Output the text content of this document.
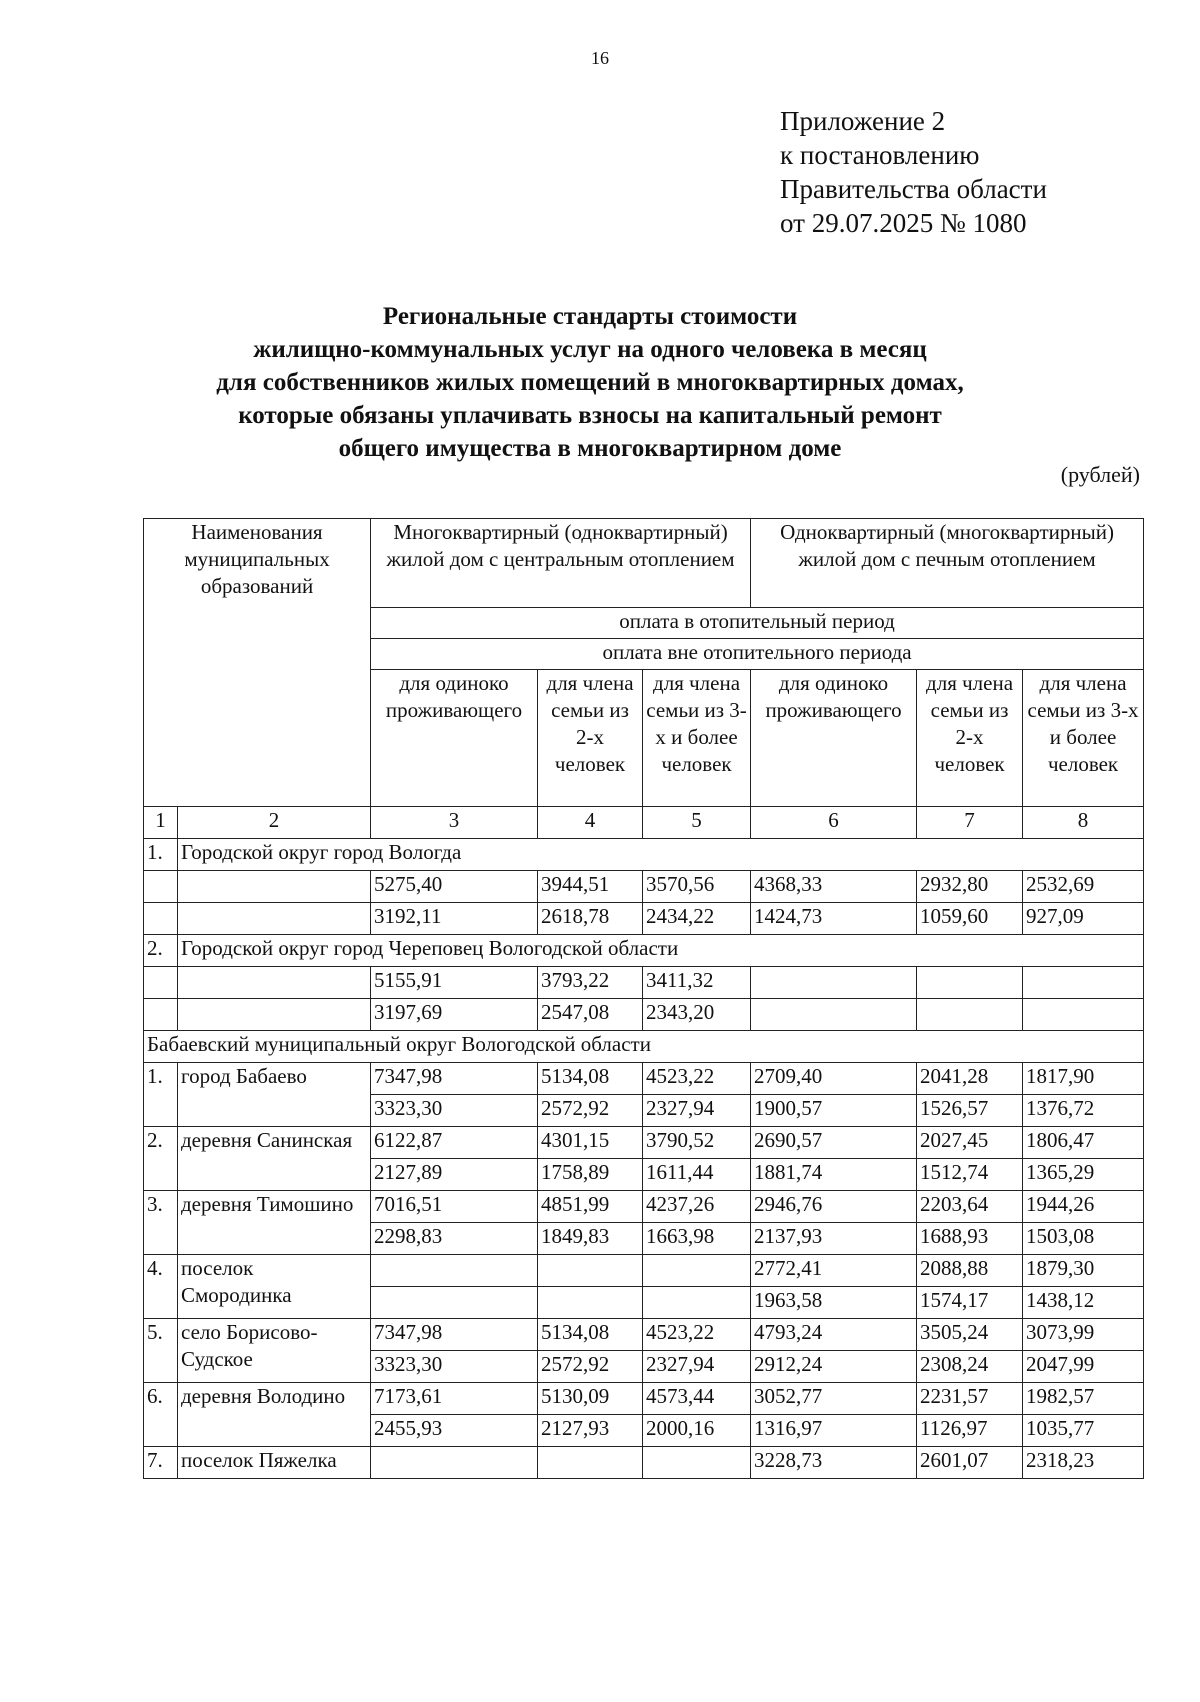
16
Приложение 2
к постановлению
Правительства области
от 29.07.2025 № 1080
Региональные стандарты стоимости
жилищно-коммунальных услуг на одного человека в месяц
для собственников жилых помещений в многоквартирных домах,
которые обязаны уплачивать взносы на капитальный ремонт
общего имущества в многоквартирном доме
(рублей)
Наименования муниципальных образований		Многоквартирный (одноквартирный) жилой дом с центральным отоплением			Одноквартирный (многоквартирный) жилой дом с печным отоплением		
		оплата в отопительный период					
		оплата вне отопительного периода					
		для одиноко проживающего	для члена семьи из 2-х человек	для члена семьи из 3-х и более человек	для одиноко проживающего	для члена семьи из 2-х человек	для члена семьи из 3-х и более человек
1	2	3	4	5	6	7	8
1.	Городской округ город Вологда						
		5275,40	3944,51	3570,56	4368,33	2932,80	2532,69
		3192,11	2618,78	2434,22	1424,73	1059,60	927,09
2.	Городской округ город Череповец Вологодской области						
		5155,91	3793,22	3411,32			
		3197,69	2547,08	2343,20			
Бабаевский муниципальный округ Вологодской области							
1.	город Бабаево	7347,98	5134,08	4523,22	2709,40	2041,28	1817,90
		3323,30	2572,92	2327,94	1900,57	1526,57	1376,72
2.	деревня Санинская	6122,87	4301,15	3790,52	2690,57	2027,45	1806,47
		2127,89	1758,89	1611,44	1881,74	1512,74	1365,29
3.	деревня Тимошино	7016,51	4851,99	4237,26	2946,76	2203,64	1944,26
		2298,83	1849,83	1663,98	2137,93	1688,93	1503,08
4.	поселок Смородинка				2772,41	2088,88	1879,30
					1963,58	1574,17	1438,12
5.	село Борисово-Судское	7347,98	5134,08	4523,22	4793,24	3505,24	3073,99
		3323,30	2572,92	2327,94	2912,24	2308,24	2047,99
6.	деревня Володино	7173,61	5130,09	4573,44	3052,77	2231,57	1982,57
		2455,93	2127,93	2000,16	1316,97	1126,97	1035,77
7.	поселок Пяжелка				3228,73	2601,07	2318,23
